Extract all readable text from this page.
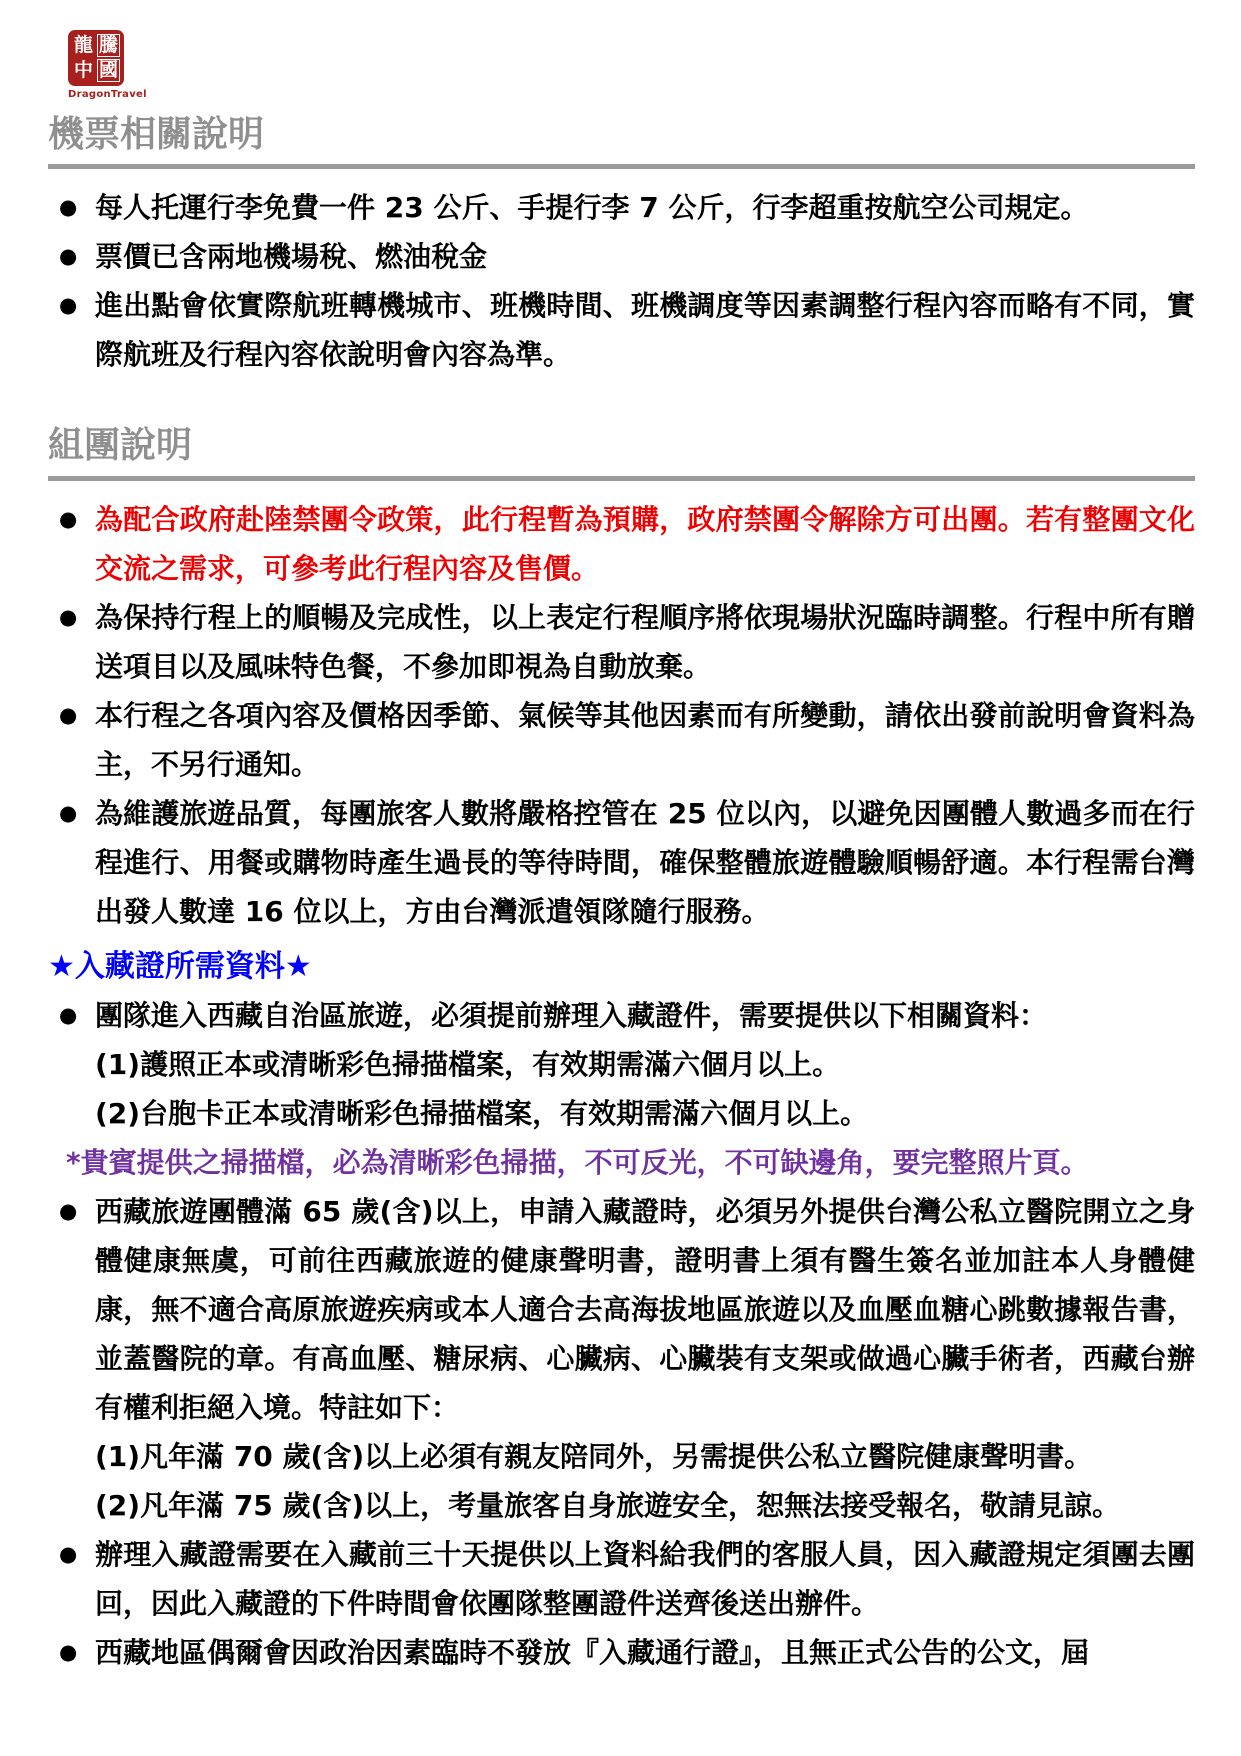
龍 騰
中 國
DragonTravel
機票相關說明
● 每人托運行李免費一件 23 公斤、手提行李 7 公斤，行李超重按航空公司規定。
● 票價已含兩地機場稅、燃油稅金
● 進出點會依實際航班轉機城市、班機時間、班機調度等因素調整行程內容而略有不同，實際航班及行程內容依說明會內容為準。
組團說明
● 為配合政府赴陸禁團令政策，此行程暫為預購，政府禁團令解除方可出團。若有整團文化交流之需求，可參考此行程內容及售價。
● 為保持行程上的順暢及完成性，以上表定行程順序將依現場狀況臨時調整。行程中所有贈送項目以及風味特色餐，不參加即視為自動放棄。
● 本行程之各項內容及價格因季節、氣候等其他因素而有所變動，請依出發前說明會資料為主，不另行通知。
● 為維護旅遊品質，每團旅客人數將嚴格控管在 25 位以內，以避免因團體人數過多而在行程進行、用餐或購物時產生過長的等待時間，確保整體旅遊體驗順暢舒適。本行程需台灣出發人數達 16 位以上，方由台灣派遣領隊隨行服務。
★入藏證所需資料★
● 團隊進入西藏自治區旅遊，必須提前辦理入藏證件，需要提供以下相關資料：
(1)護照正本或清晰彩色掃描檔案，有效期需滿六個月以上。
(2)台胞卡正本或清晰彩色掃描檔案，有效期需滿六個月以上。
*貴賓提供之掃描檔，必為清晰彩色掃描，不可反光，不可缺邊角，要完整照片頁。
● 西藏旅遊團體滿 65 歲(含)以上，申請入藏證時，必須另外提供台灣公私立醫院開立之身體健康無虞，可前往西藏旅遊的健康聲明書，證明書上須有醫生簽名並加註本人身體健康，無不適合高原旅遊疾病或本人適合去高海拔地區旅遊以及血壓血糖心跳數據報告書，並蓋醫院的章。有高血壓、糖尿病、心臟病、心臟裝有支架或做過心臟手術者，西藏台辦有權利拒絕入境。特註如下：
(1)凡年滿 70 歲(含)以上必須有親友陪同外，另需提供公私立醫院健康聲明書。
(2)凡年滿 75 歲(含)以上，考量旅客自身旅遊安全，恕無法接受報名，敬請見諒。
● 辦理入藏證需要在入藏前三十天提供以上資料給我們的客服人員，因入藏證規定須團去團回，因此入藏證的下件時間會依團隊整團證件送齊後送出辦件。
● 西藏地區偶爾會因政治因素臨時不發放『入藏通行證』，且無正式公告的公文，屆
